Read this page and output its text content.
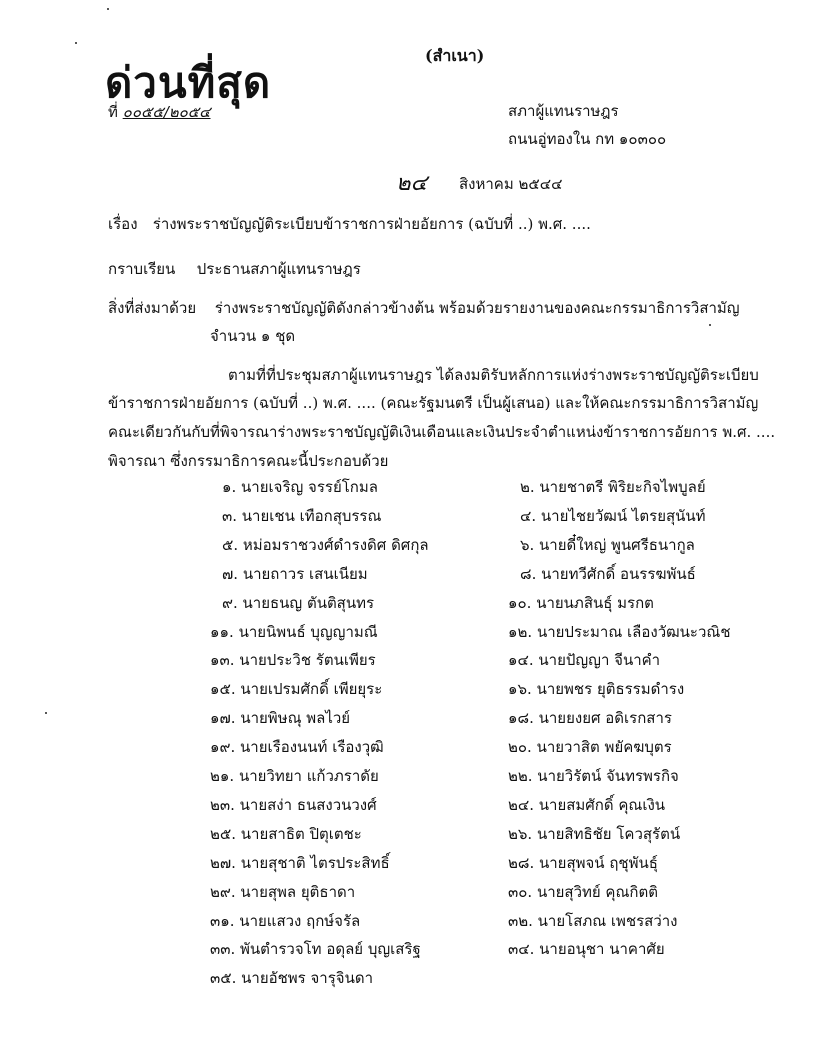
ด่วนที่สุด
(สำเนา)
ที่ ๐๐๕๕/๒๐๕๔	สภาผู้แทนราษฎร
ถนนอู่ทองใน กท ๑๐๓๐๐
๒๔ สิงหาคม ๒๕๔๔
เรื่อง ร่างพระราชบัญญัติระเบียบข้าราชการฝ่ายอัยการ (ฉบับที่ ..) พ.ศ. ....
กราบเรียน ประธานสภาผู้แทนราษฎร
สิ่งที่ส่งมาด้วย ร่างพระราชบัญญัติดังกล่าวข้างต้น พร้อมด้วยรายงานของคณะกรรมาธิการวิสามัญ
จำนวน ๑ ชุด
ตามที่ที่ประชุมสภาผู้แทนราษฎร ได้ลงมติรับหลักการแห่งร่างพระราชบัญญัติระเบียบ
ข้าราชการฝ่ายอัยการ (ฉบับที่ ..) พ.ศ. .... (คณะรัฐมนตรี เป็นผู้เสนอ) และให้คณะกรรมาธิการวิสามัญ
คณะเดียวกันกับที่พิจารณาร่างพระราชบัญญัติเงินเดือนและเงินประจำตำแหน่งข้าราชการอัยการ พ.ศ. ....
พิจารณา ซึ่งกรรมาธิการคณะนี้ประกอบด้วย
๑. นายเจริญ จรรย์โกมล
๓. นายเชน เทือกสุบรรณ
๕. หม่อมราชวงศ์ดำรงดิศ ดิศกุล
๗. นายถาวร เสนเนียม
๙. นายธนญ ตันติสุนทร
๑๑. นายนิพนธ์ บุญญามณี
๑๓. นายประวิช รัตนเพียร
๑๕. นายเปรมศักดิ์ เพียยุระ
๑๗. นายพิษณุ พลไวย์
๑๙. นายเรืองนนท์ เรืองวุฒิ
๒๑. นายวิทยา แก้วภราดัย
๒๓. นายสง่า ธนสงวนวงศ์
๒๕. นายสาธิต ปิตุเตชะ
๒๗. นายสุชาติ ไตรประสิทธิ์
๒๙. นายสุพล ยุติธาดา
๓๑. นายแสวง ฤกษ์จรัล
๓๓. พันตำรวจโท อดุลย์ บุญเสริฐ
๓๕. นายอัชพร จารุจินดา
๒. นายชาตรี พิริยะกิจไพบูลย์
๔. นายไชยวัฒน์ ไตรยสุนันท์
๖. นายดี๋ใหญ่ พูนศรีธนากูล
๘. นายทวีศักดิ์ อนรรฆพันธ์
๑๐. นายนภสินธุ์ มรกต
๑๒. นายประมาณ เลืองวัฒนะวณิช
๑๔. นายปัญญา จีนาคำ
๑๖. นายพชร ยุติธรรมดำรง
๑๘. นายยงยศ อดิเรกสาร
๒๐. นายวาสิต พยัคฆบุตร
๒๒. นายวิรัตน์ จันทรพรกิจ
๒๔. นายสมศักดิ์ คุณเงิน
๒๖. นายสิทธิชัย โควสุรัตน์
๒๘. นายสุพจน์ ฤชุพันธุ์
๓๐. นายสุวิทย์ คุณกิตติ
๓๒. นายโสภณ เพชรสว่าง
๓๔. นายอนุชา นาคาศัย
